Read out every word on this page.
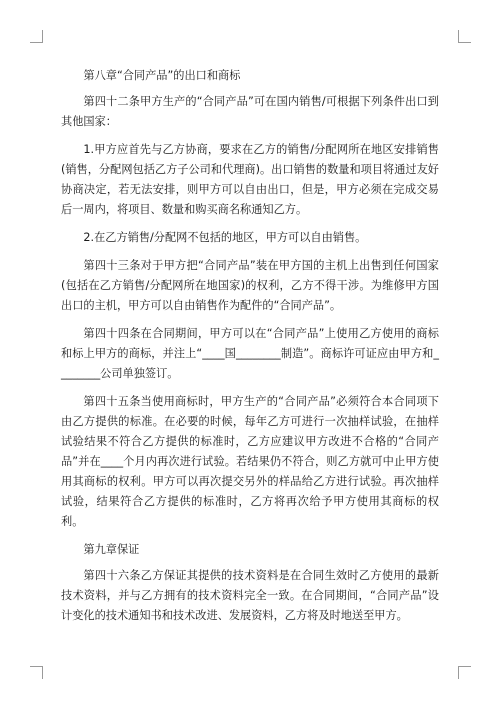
第八章“合同产品”的出口和商标

第四十二条甲方生产的“合同产品”可在国内销售/可根据下列条件出口到其他国家：

1.甲方应首先与乙方协商，要求在乙方的销售/分配网所在地区安排销售(销售，分配网包括乙方子公司和代理商)。出口销售的数量和项目将通过友好协商决定，若无法安排，则甲方可以自由出口，但是，甲方必须在完成交易后一周内，将项目、数量和购买商名称通知乙方。

2.在乙方销售/分配网不包括的地区，甲方可以自由销售。

第四十三条对于甲方把“合同产品”装在甲方国的主机上出售到任何国家(包括在乙方销售/分配网所在地国家)的权利，乙方不得干涉。为维修甲方国出口的主机，甲方可以自由销售作为配件的“合同产品”。

第四十四条在合同期间，甲方可以在“合同产品”上使用乙方使用的商标和标上甲方的商标，并注上“____国________制造”。商标许可证应由甲方和________公司单独签订。

第四十五条当使用商标时，甲方生产的“合同产品”必须符合本合同项下由乙方提供的标准。在必要的时候，每年乙方可进行一次抽样试验，在抽样试验结果不符合乙方提供的标准时，乙方应建议甲方改进不合格的“合同产品”并在____个月内再次进行试验。若结果仍不符合，则乙方就可中止甲方使用其商标的权利。甲方可以再次提交另外的样品给乙方进行试验。再次抽样试验，结果符合乙方提供的标准时，乙方将再次给予甲方使用其商标的权利。

第九章保证

第四十六条乙方保证其提供的技术资料是在合同生效时乙方使用的最新技术资料，并与乙方拥有的技术资料完全一致。在合同期间，“合同产品”设计变化的技术通知书和技术改进、发展资料，乙方将及时地送至甲方。
